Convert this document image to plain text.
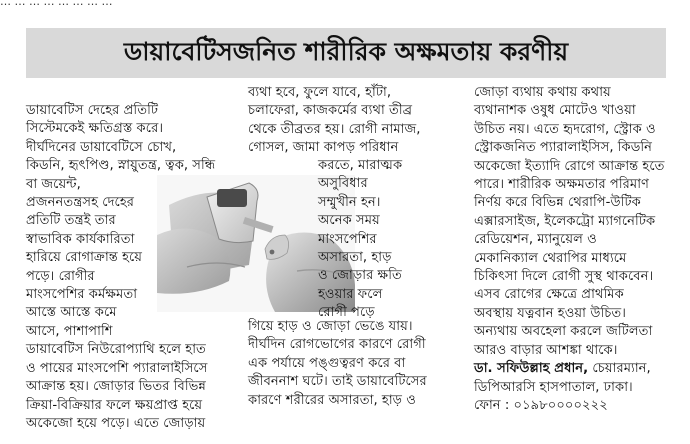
… … … … … … … …
ডায়াবেটিসজনিত শারীরিক অক্ষমতায় করণীয়
ডায়াবেটিস দেহের প্রতিটি
সিস্টেমকেই ক্ষতিগ্রস্ত করে।
দীর্ঘদিনের ডায়াবেটিসে চোখ,
কিডনি, হৃৎপিণ্ড, স্নায়ুতন্ত্র, ত্বক, সন্ধি
বা জয়েন্ট,
প্রজননতন্ত্রসহ দেহের
প্রতিটি তন্ত্রই তার
স্বাভাবিক কার্যকারিতা
হারিয়ে রোগাক্রান্ত হয়ে
পড়ে। রোগীর
মাংসপেশির কর্মক্ষমতা
আস্তে আস্তে কমে
আসে, পাশাপাশি
ডায়াবেটিস নিউরোপ্যাথি হলে হাত
ও পায়ের মাংসপেশি প্যারালাইসিসে
আক্রান্ত হয়। জোড়ার ভিতর বিভিন্ন
ক্রিয়া-বিক্রিয়ার ফলে ক্ষয়প্রাপ্ত হয়ে
অকেজো হয়ে পড়ে। এতে জোড়ায়
ব্যথা হবে, ফুলে যাবে, হাঁটা,
চলাফেরা, কাজকর্মের ব্যথা তীব্র
থেকে তীব্রতর হয়। রোগী নামাজ,
গোসল, জামা কাপড় পরিধান
করতে, মারাত্মক
অসুবিধার
সম্মুখীন হন।
অনেক সময়
মাংসপেশির
অসারতা, হাড়
ও জোড়ার ক্ষতি
হওয়ার ফলে
রোগী পড়ে
গিয়ে হাড় ও জোড়া ভেঙে যায়।
দীর্ঘদিন রোগভোগের কারণে রোগী
এক পর্যায়ে পঙ্গুত্বরণ করে বা
জীবননাশ ঘটে। তাই ডায়াবেটিসের
কারণে শরীরের অসারতা, হাড় ও
জোড়া ব্যথায় কথায় কথায়
ব্যথানাশক ওষুধ মোটেও খাওয়া
উচিত নয়। এতে হৃদরোগ, স্ট্রোক ও
স্ট্রোকজনিত প্যারালাইসিস, কিডনি
অকেজো ইত্যাদি রোগে আক্রান্ত হতে
পারে। শারীরিক অক্ষমতার পরিমাণ
নির্ণয় করে বিভিন্ন থেরাপি-উটিক
এক্সারসাইজ, ইলেকট্রো ম্যাগনেটিক
রেডিয়েশন, ম্যানুয়েল ও
মেকানিক্যাল থেরাপির মাধ্যমে
চিকিৎসা দিলে রোগী সুস্থ থাকবেন।
এসব রোগের ক্ষেত্রে প্রাথমিক
অবস্থায় যত্নবান হওয়া উচিত।
অন্যথায় অবহেলা করলে জটিলতা
আরও বাড়ার আশঙ্কা থাকে।
ডা. সফিউল্লাহ প্রধান, চেয়ারম্যান,
ডিপিআরসি হাসপাতাল, ঢাকা।
ফোন : ০১৯৮০০০০২২২
